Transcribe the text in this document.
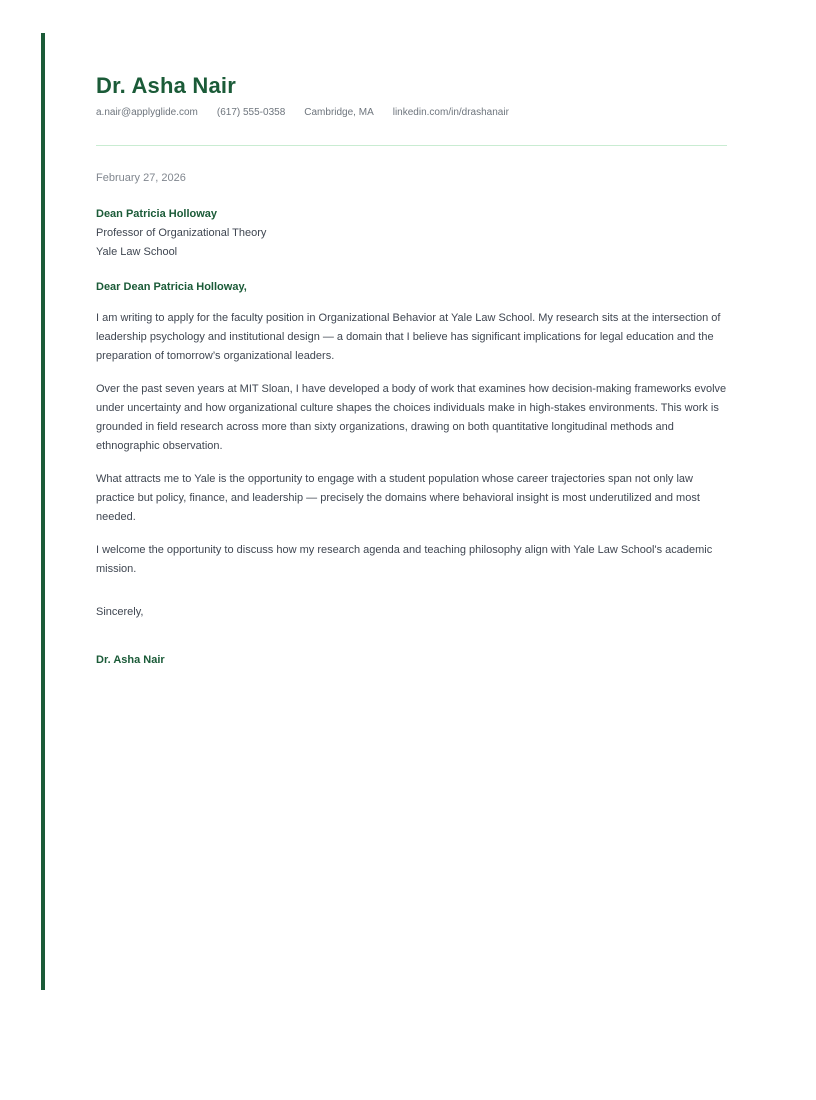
Dr. Asha Nair
a.nair@applyglide.com (617) 555-0358 Cambridge, MA linkedin.com/in/drashanair
February 27, 2026
Dean Patricia Holloway
Professor of Organizational Theory
Yale Law School
Dear Dean Patricia Holloway,

I am writing to apply for the faculty position in Organizational Behavior at Yale Law School. My research sits at the intersection of leadership psychology and institutional design — a domain that I believe has significant implications for legal education and the preparation of tomorrow’s organizational leaders.

Over the past seven years at MIT Sloan, I have developed a body of work that examines how decision-making frameworks evolve under uncertainty and how organizational culture shapes the choices individuals make in high-stakes environments. This work is grounded in field research across more than sixty organizations, drawing on both quantitative longitudinal methods and ethnographic observation.

What attracts me to Yale is the opportunity to engage with a student population whose career trajectories span not only law practice but policy, finance, and leadership — precisely the domains where behavioral insight is most underutilized and most needed.

I welcome the opportunity to discuss how my research agenda and teaching philosophy align with Yale Law School's academic mission.

Sincerely,
Dr. Asha Nair
